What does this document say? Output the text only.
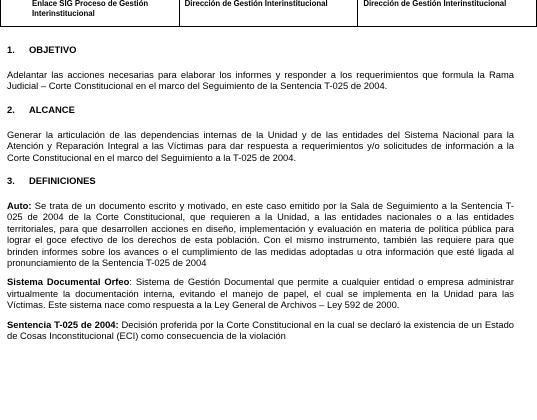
Enlace SIG Proceso de Gestión Interinstitucional	Dirección de Gestión Interinstitucional	Dirección de Gestión Interinstitucional
1. OBJETIVO

Adelantar las acciones necesarias para elaborar los informes y responder a los requerimientos que formula la Rama Judicial – Corte Constitucional en el marco del Seguimiento de la Sentencia T-025 de 2004.

2. ALCANCE

Generar la articulación de las dependencias internas de la Unidad y de las entidades del Sistema Nacional para la Atención y Reparación Integral a las Víctimas para dar respuesta a requerimientos y/o solicitudes de información a la Corte Constitucional en el marco del Seguimiento a la T-025 de 2004.

3. DEFINICIONES

Auto: Se trata de un documento escrito y motivado, en este caso emitido por la Sala de Seguimiento a la Sentencia T-025 de 2004 de la Corte Constitucional, que requieren a la Unidad, a las entidades nacionales o a las entidades territoriales, para que desarrollen acciones en diseño, implementación y evaluación en materia de política pública para lograr el goce efectivo de los derechos de esta población. Con el mismo instrumento, también las requiere para que brinden informes sobre los avances o el cumplimiento de las medidas adoptadas u otra información que esté ligada al pronunciamiento de la Sentencia T-025 de 2004

Sistema Documental Orfeo: Sistema de Gestión Documental que permite a cualquier entidad o empresa administrar virtualmente la documentación interna, evitando el manejo de papel, el cual se implementa en la Unidad para las Víctimas. Este sistema nace como respuesta a la Ley General de Archivos – Ley 592 de 2000.

Sentencia T-025 de 2004: Decisión proferida por la Corte Constitucional en la cual se declaró la existencia de un Estado de Cosas Inconstitucional (ECI) como consecuencia de la violación
